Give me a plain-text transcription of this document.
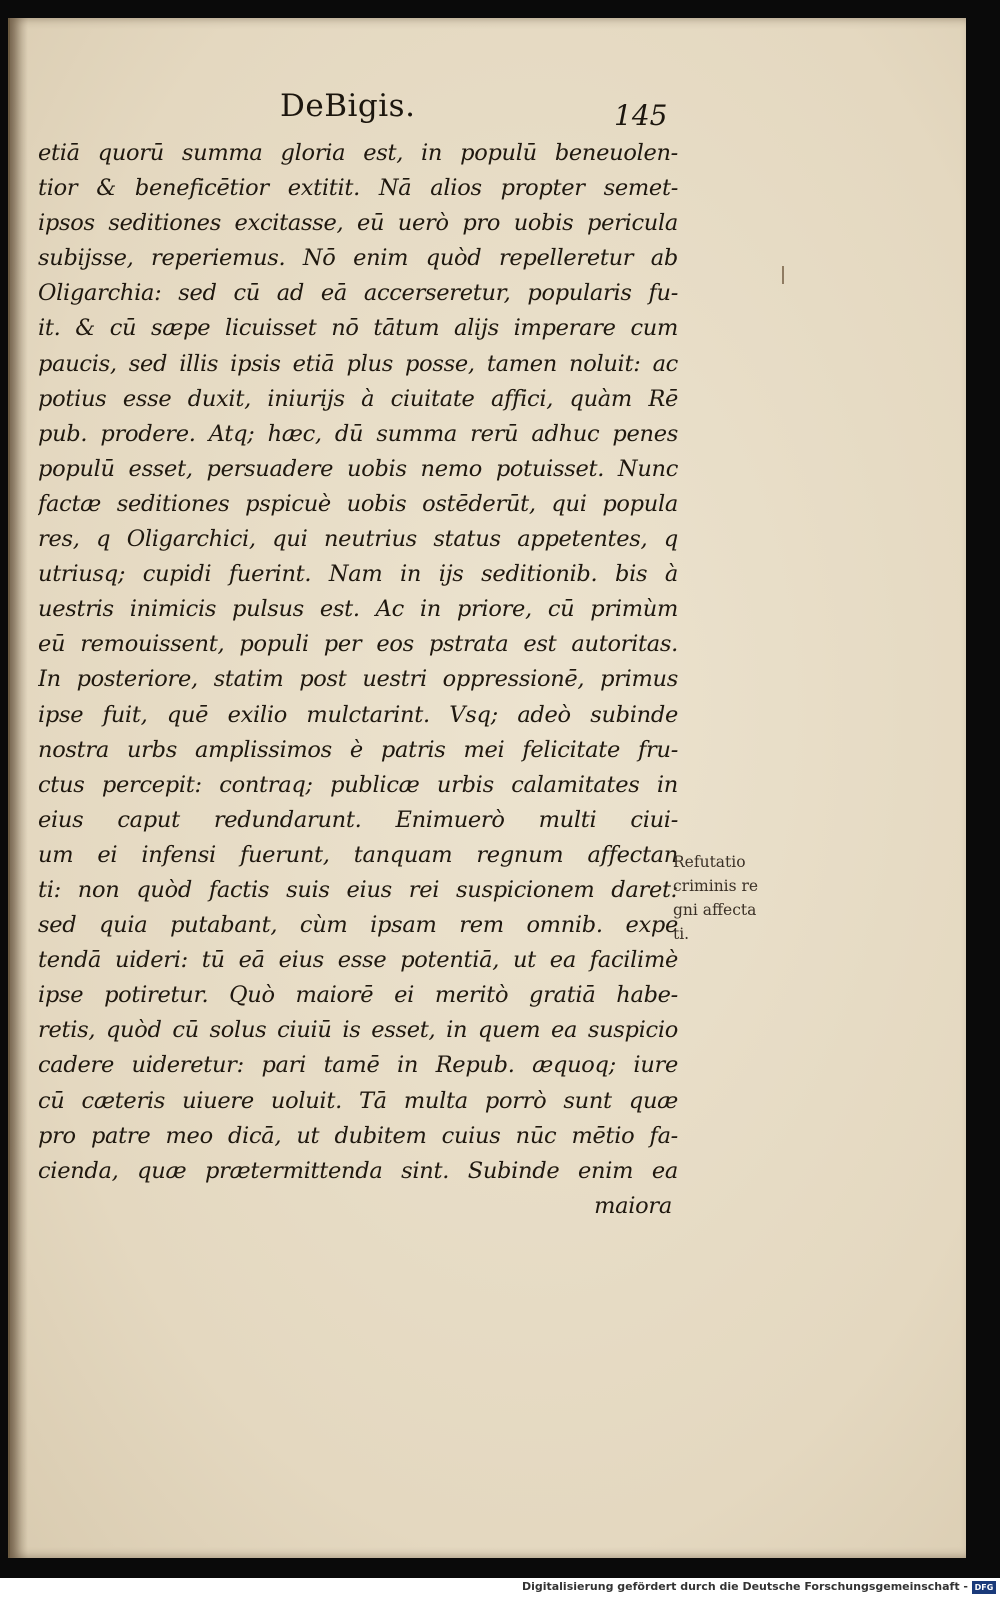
DeBigis.	145
etiā quorū summa gloria est, in populū beneuolen-
tior & beneficētior extitit. Nā alios propter semet-
ipsos seditiones excitasse, eū uerò pro uobis pericula
subijsse, reperiemus. Nō enim quòd repelleretur ab
Oligarchia: sed cū ad eā accerseretur, popularis fu-
it. & cū sæpe licuisset nō tātum alijs imperare cum
paucis, sed illis ipsis etiā plus posse, tamen noluit: ac
potius esse duxit, iniurijs à ciuitate affici, quàm Rē
pub. prodere. Atq; hæc, dū summa rerū adhuc penes
populū esset, persuadere uobis nemo potuisset. Nunc
factæ seditiones pspicuè uobis ostēderūt, qui popula
res, q Oligarchici, qui neutrius status appetentes, q
utriusq; cupidi fuerint. Nam in ijs seditionib. bis à
uestris inimicis pulsus est. Ac in priore, cū primùm
eū remouissent, populi per eos pstrata est autoritas.
In posteriore, statim post uestri oppressionē, primus
ipse fuit, quē exilio mulctarint. Vsq; adeò subinde
nostra urbs amplissimos è patris mei felicitate fru-
ctus percepit: contraq; publicæ urbis calamitates in
eius caput redundarunt. Enimuerò multi ciui-
um ei infensi fuerunt, tanquam regnum affectan
ti: non quòd factis suis eius rei suspicionem daret:
sed quia putabant, cùm ipsam rem omnib. expe
tendā uideri: tū eā eius esse potentiā, ut ea facilimè
ipse potiretur. Quò maiorē ei meritò gratiā habe-
retis, quòd cū solus ciuiū is esset, in quem ea suspicio
cadere uideretur: pari tamē in Repub. æquoq; iure
cū cæteris uiuere uoluit. Tā multa porrò sunt quæ
pro patre meo dicā, ut dubitem cuius nūc mētio fa-
cienda, quæ prætermittenda sint. Subinde enim ea
maiora
Refutatio
criminis re
gni affecta
ti.
Digitalisierung gefördert durch die Deutsche Forschungsgemeinschaft - DFG
